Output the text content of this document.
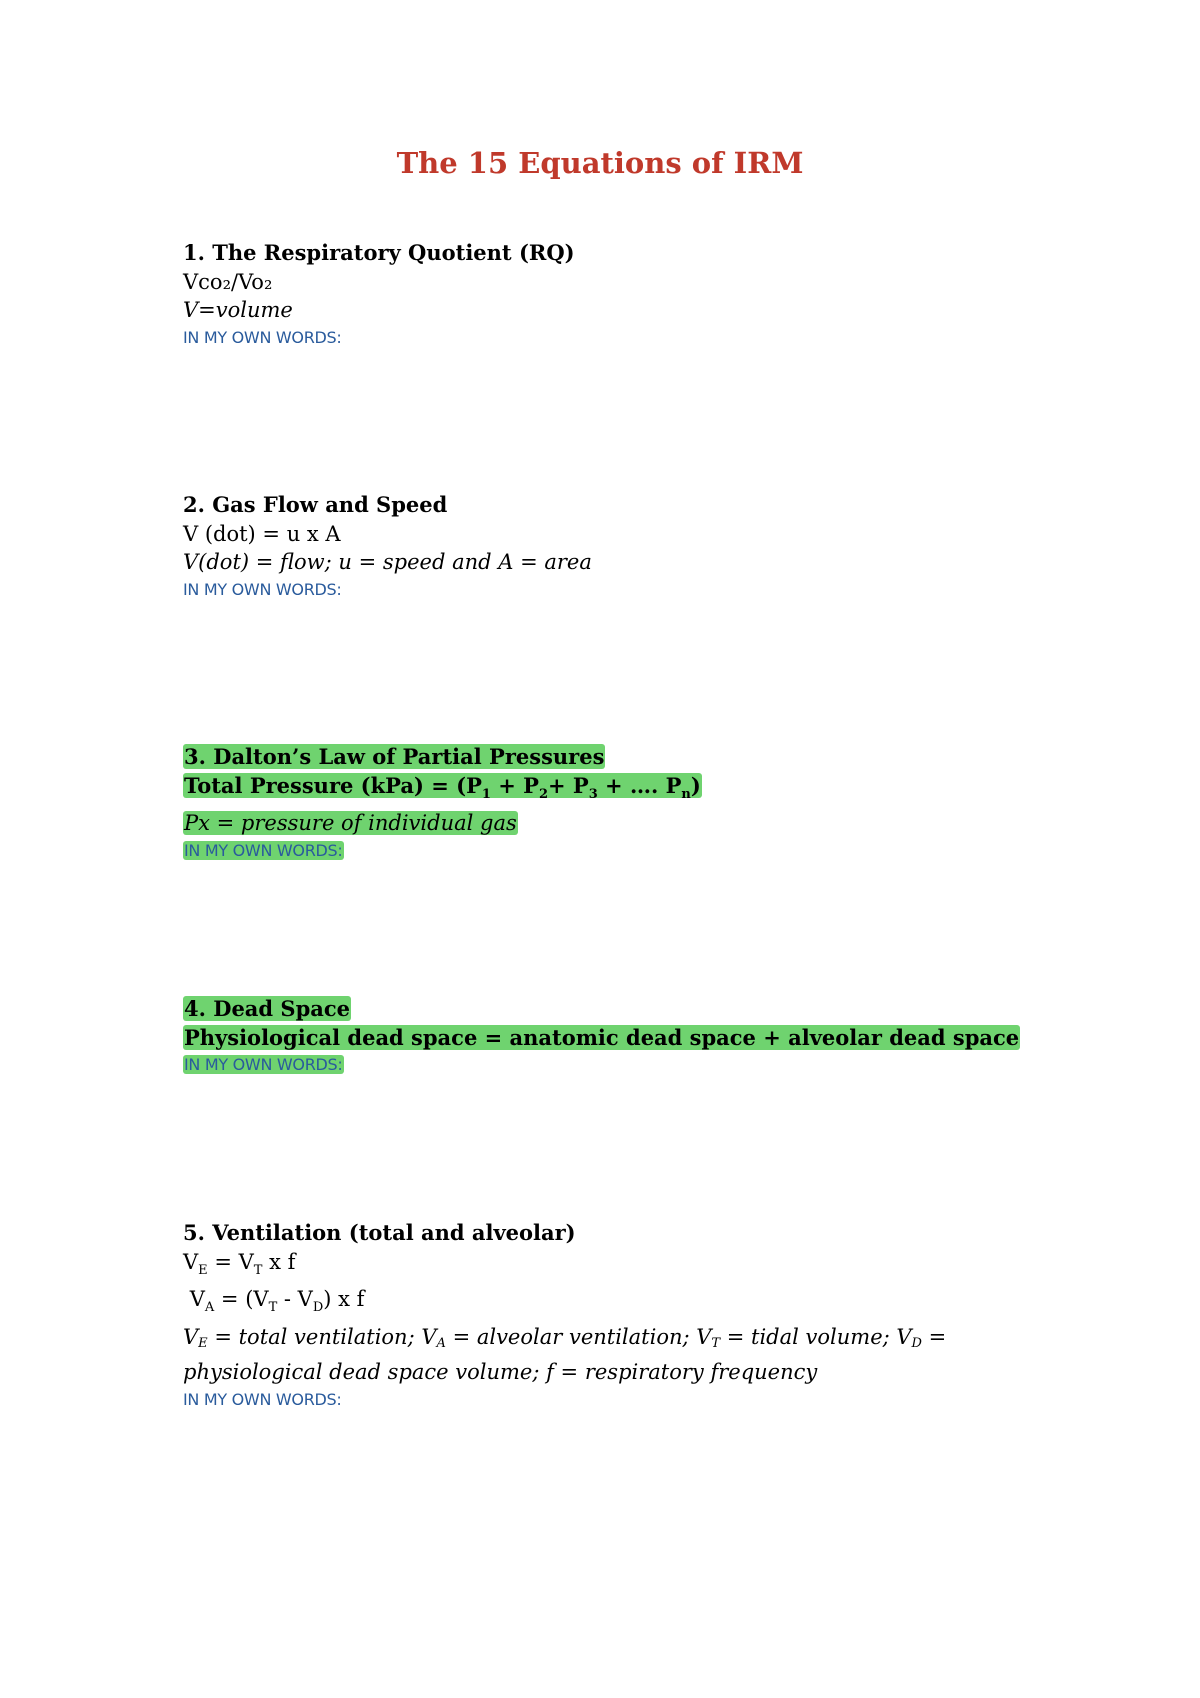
The 15 Equations of IRM
1. The Respiratory Quotient (RQ)
Vco₂/Vo₂
V=volume
IN MY OWN WORDS:
2. Gas Flow and Speed
V (dot) = u x A
V(dot) = flow; u = speed and A = area
IN MY OWN WORDS:
3. Dalton’s Law of Partial Pressures
Total Pressure $(kPa) = (P_1 + P_2+ P_3$ + …. $P_n$)
Px = pressure of individual gas
IN MY OWN WORDS:
4. Dead Space
Physiological dead space = anatomic dead space + alveolar dead space
IN MY OWN WORDS:
5. Ventilation (total and alveolar)
$V_E = V_T$ x f
$V_A = (V_T - V_D)$ x f
VE = total ventilation; VA = alveolar ventilation; VT = tidal volume; VD =
physiological dead space volume; f = respiratory frequency
IN MY OWN WORDS:
